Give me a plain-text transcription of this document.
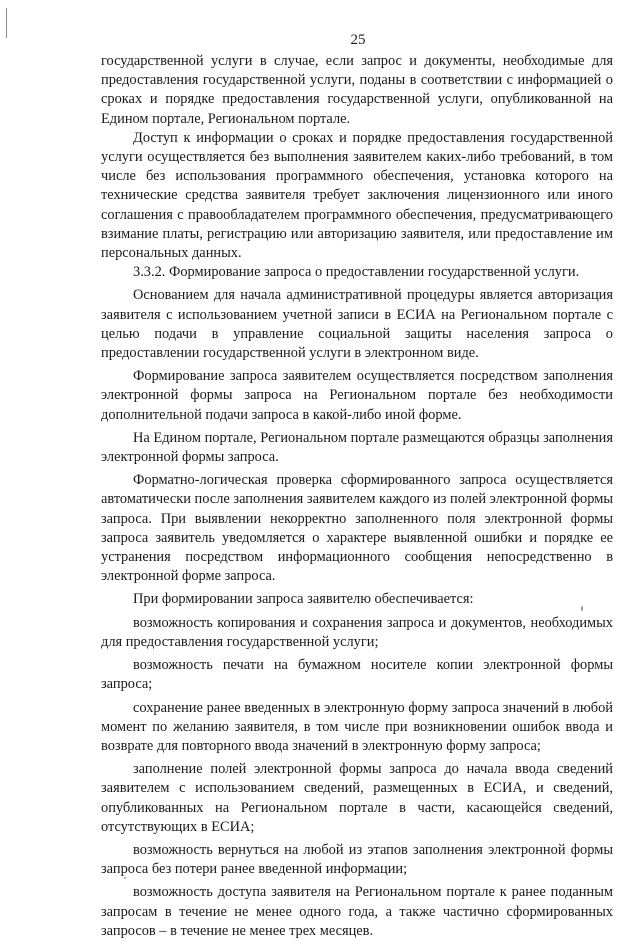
25

государственной услуги в случае, если запрос и документы, необходимые для предоставления государственной услуги, поданы в соответствии с информацией о сроках и порядке предоставления государственной услуги, опубликованной на Едином портале, Региональном портале.

Доступ к информации о сроках и порядке предоставления государственной услуги осуществляется без выполнения заявителем каких-либо требований, в том числе без использования программного обеспечения, установка которого на технические средства заявителя требует заключения лицензионного или иного соглашения с правообладателем программного обеспечения, предусматривающего взимание платы, регистрацию или авторизацию заявителя, или предоставление им персональных данных.

3.3.2. Формирование запроса о предоставлении государственной услуги.

Основанием для начала административной процедуры является авторизация заявителя с использованием учетной записи в ЕСИА на Региональном портале с целью подачи в управление социальной защиты населения запроса о предоставлении государственной услуги в электронном виде.

Формирование запроса заявителем осуществляется посредством заполнения электронной формы запроса на Региональном портале без необходимости дополнительной подачи запроса в какой-либо иной форме.

На Едином портале, Региональном портале размещаются образцы заполнения электронной формы запроса.

Форматно-логическая проверка сформированного запроса осуществляется автоматически после заполнения заявителем каждого из полей электронной формы запроса. При выявлении некорректно заполненного поля электронной формы запроса заявитель уведомляется о характере выявленной ошибки и порядке ее устранения посредством информационного сообщения непосредственно в электронной форме запроса.

При формировании запроса заявителю обеспечивается:

возможность копирования и сохранения запроса и документов, необходимых для предоставления государственной услуги;

возможность печати на бумажном носителе копии электронной формы запроса;

сохранение ранее введенных в электронную форму запроса значений в любой момент по желанию заявителя, в том числе при возникновении ошибок ввода и возврате для повторного ввода значений в электронную форму запроса;

заполнение полей электронной формы запроса до начала ввода сведений заявителем с использованием сведений, размещенных в ЕСИА, и сведений, опубликованных на Региональном портале в части, касающейся сведений, отсутствующих в ЕСИА;

возможность вернуться на любой из этапов заполнения электронной формы запроса без потери ранее введенной информации;

возможность доступа заявителя на Региональном портале к ранее поданным запросам в течение не менее одного года, а также частично сформированных запросов – в течение не менее трех месяцев.
